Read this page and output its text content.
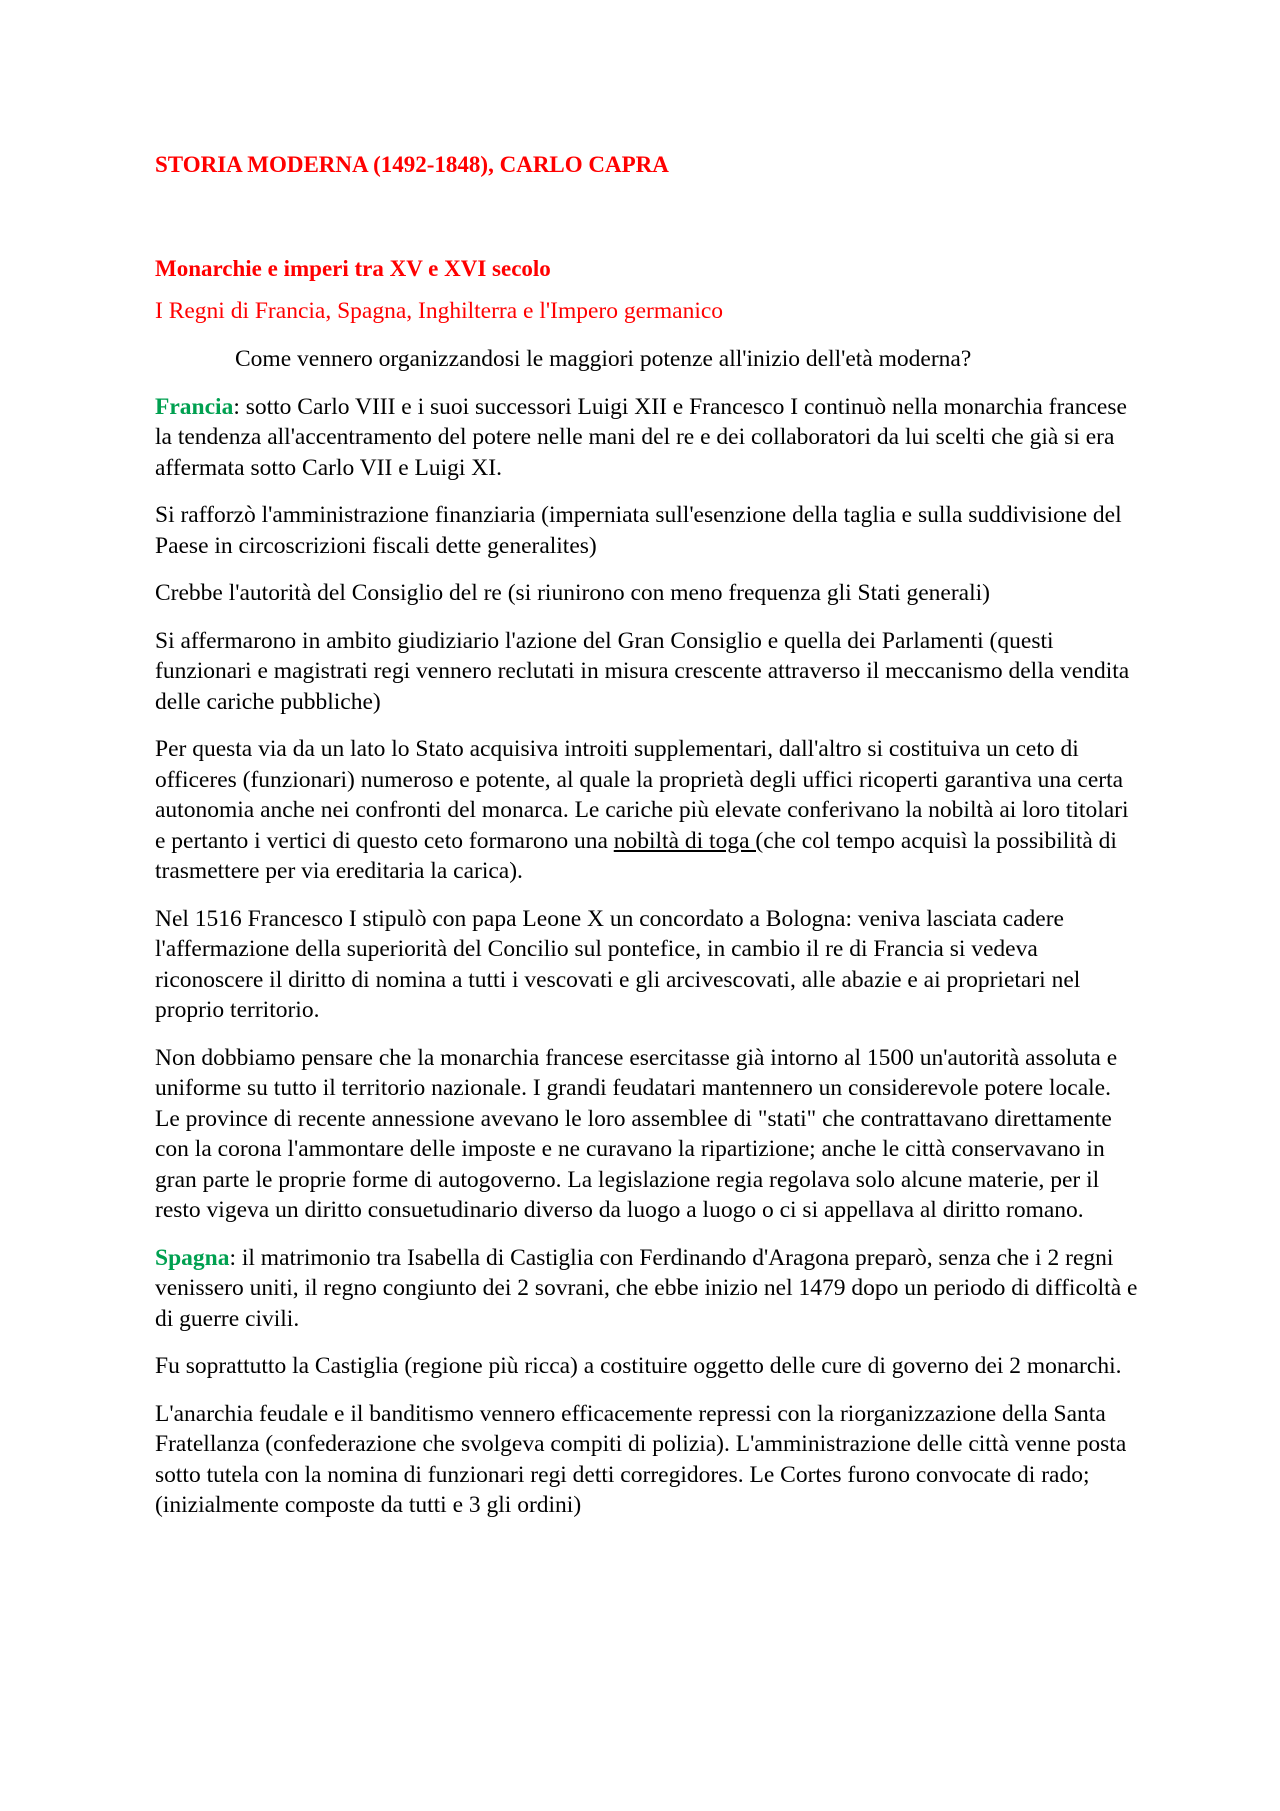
STORIA MODERNA (1492-1848), CARLO CAPRA
Monarchie e imperi tra XV e XVI secolo
I Regni di Francia, Spagna, Inghilterra e l'Impero germanico

Come vennero organizzandosi le maggiori potenze all'inizio dell'età moderna?

Francia: sotto Carlo VIII e i suoi successori Luigi XII e Francesco I continuò nella monarchia francese la tendenza all'accentramento del potere nelle mani del re e dei collaboratori da lui scelti che già si era affermata sotto Carlo VII e Luigi XI.

Si rafforzò l'amministrazione finanziaria (imperniata sull'esenzione della taglia e sulla suddivisione del Paese in circoscrizioni fiscali dette generalites)

Crebbe l'autorità del Consiglio del re (si riunirono con meno frequenza gli Stati generali)

Si affermarono in ambito giudiziario l'azione del Gran Consiglio e quella dei Parlamenti (questi funzionari e magistrati regi vennero reclutati in misura crescente attraverso il meccanismo della vendita delle cariche pubbliche)

Per questa via da un lato lo Stato acquisiva introiti supplementari, dall'altro si costituiva un ceto di officeres (funzionari) numeroso e potente, al quale la proprietà degli uffici ricoperti garantiva una certa autonomia anche nei confronti del monarca. Le cariche più elevate conferivano la nobiltà ai loro titolari e pertanto i vertici di questo ceto formarono una nobiltà di toga (che col tempo acquisì la possibilità di trasmettere per via ereditaria la carica).

Nel 1516 Francesco I stipulò con papa Leone X un concordato a Bologna: veniva lasciata cadere l'affermazione della superiorità del Concilio sul pontefice, in cambio il re di Francia si vedeva riconoscere il diritto di nomina a tutti i vescovati e gli arcivescovati, alle abazie e ai proprietari nel proprio territorio.

Non dobbiamo pensare che la monarchia francese esercitasse già intorno al 1500 un'autorità assoluta e uniforme su tutto il territorio nazionale. I grandi feudatari mantennero un considerevole potere locale. Le province di recente annessione avevano le loro assemblee di "stati" che contrattavano direttamente con la corona l'ammontare delle imposte e ne curavano la ripartizione; anche le città conservavano in gran parte le proprie forme di autogoverno. La legislazione regia regolava solo alcune materie, per il resto vigeva un diritto consuetudinario diverso da luogo a luogo o ci si appellava al diritto romano.

Spagna: il matrimonio tra Isabella di Castiglia con Ferdinando d'Aragona preparò, senza che i 2 regni venissero uniti, il regno congiunto dei 2 sovrani, che ebbe inizio nel 1479 dopo un periodo di difficoltà e di guerre civili.

Fu soprattutto la Castiglia (regione più ricca) a costituire oggetto delle cure di governo dei 2 monarchi.

L'anarchia feudale e il banditismo vennero efficacemente repressi con la riorganizzazione della Santa Fratellanza (confederazione che svolgeva compiti di polizia). L'amministrazione delle città venne posta sotto tutela con la nomina di funzionari regi detti corregidores. Le Cortes furono convocate di rado; (inizialmente composte da tutti e 3 gli ordini)
